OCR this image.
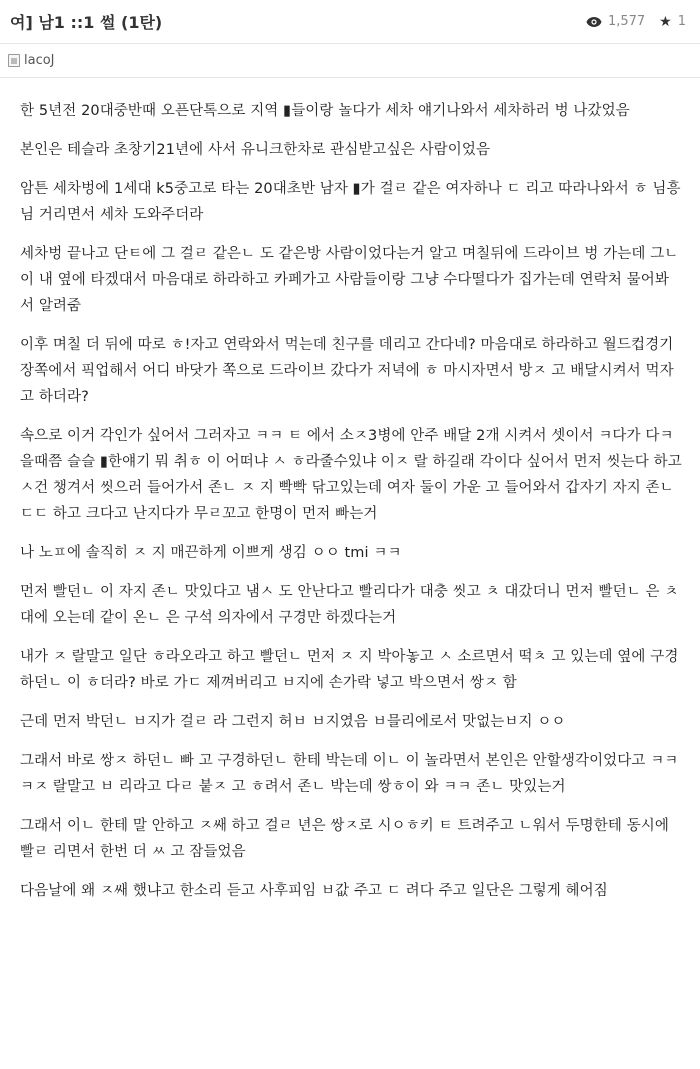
여] 남1 ::1 썰 (1탄)	1,577 ★ 1
lacoJ

한 5년전 20대중반때 오픈단톡으로 지역 ▮들이랑 놀다가 세차 얘기나와서 세차하러 벙 나갔었음

본인은 테슬라 초창기21년에 사서 유니크한차로 관심받고싶은 사람이었음

암튼 세차벙에 1세대 k5중고로 타는 20대초반 남자 ▮가 걸ㄹ 같은 여자하나 ㄷ 리고 따라나와서 ㅎ 님흥 님 거리면서 세차 도와주더라

세차벙 끝나고 단ㅌ에 그 걸ㄹ 같은ㄴ 도 같은방 사람이었다는거 알고 며칠뒤에 드라이브 벙 가는데 그ㄴ 이 내 옆에 타겠대서 마음대로 하라하고 카페가고 사람들이랑 그냥 수다떨다가 집가는데 연락처 물어봐서 알려줌

이후 며칠 더 뒤에 따로 ㅎ!자고 연락와서 먹는데 친구를 데리고 간다네? 마음대로 하라하고 월드컵경기장쪽에서 픽업해서 어디 바닷가 쪽으로 드라이브 갔다가 저녁에 ㅎ 마시자면서 방ㅈ 고 배달시켜서 먹자고 하더라?

속으로 이거 각인가 싶어서 그러자고 ㅋㅋ ㅌ 에서 소ㅈ3병에 안주 배달 2개 시켜서 셋이서 ㅋ다가 다ㅋ을때쯤 슬슬 ▮한얘기 뭐 취ㅎ 이 어떠냐 ㅅ ㅎ라줄수있냐 이ㅈ 랄 하길래 각이다 싶어서 먼저 씻는다 하고 ㅅ건 챙겨서 씻으러 들어가서 존ㄴ ㅈ 지 빡빡 닦고있는데 여자 둘이 가운 고 들어와서 갑자기 자지 존ㄴ ㄷㄷ 하고 크다고 난지다가 무ㄹ꼬고 한명이 먼저 빠는거

나 노ㅍ에 솔직히 ㅈ 지 매끈하게 이쁘게 생김 ㅇㅇ tmi ㅋㅋ

먼저 빨던ㄴ 이 자지 존ㄴ 맛있다고 냄ㅅ 도 안난다고 빨리다가 대충 씻고 ㅊ 대갔더니 먼저 빨던ㄴ 은 ㅊ 대에 오는데 같이 온ㄴ 은 구석 의자에서 구경만 하겠다는거

내가 ㅈ 랄말고 일단 ㅎ라오라고 하고 빨던ㄴ 먼저 ㅈ 지 박아놓고 ㅅ 소르면서 떡ㅊ 고 있는데 옆에 구경하던ㄴ 이 ㅎ더라? 바로 가ㄷ 제껴버리고 ㅂ지에 손가락 넣고 박으면서 쌍ㅈ 함

근데 먼저 박던ㄴ ㅂ지가 걸ㄹ 라 그런지 허ㅂ ㅂ지였음 ㅂ믈리에로서 맛없는ㅂ지 ㅇㅇ

그래서 바로 쌍ㅈ 하던ㄴ 빠 고 구경하던ㄴ 한테 박는데 이ㄴ 이 놀라면서 본인은 안할생각이었다고 ㅋㅋㅋㅈ 랄말고 ㅂ 리라고 다ㄹ 붙ㅈ 고 ㅎ려서 존ㄴ 박는데 쌍ㅎ이 와 ㅋㅋ 존ㄴ 맛있는거

그래서 이ㄴ 한테 말 안하고 ㅈ쌔 하고 걸ㄹ 년은 쌍ㅈ로 시ㅇㅎ키 ㅌ 트려주고 ㄴ워서 두명한테 동시에 빨ㄹ 리면서 한번 더 ㅆ 고 잠들었음

다음날에 왜 ㅈ쌔 했냐고 한소리 듣고 사후피임 ㅂ값 주고 ㄷ 려다 주고 일단은 그렇게 헤어짐
